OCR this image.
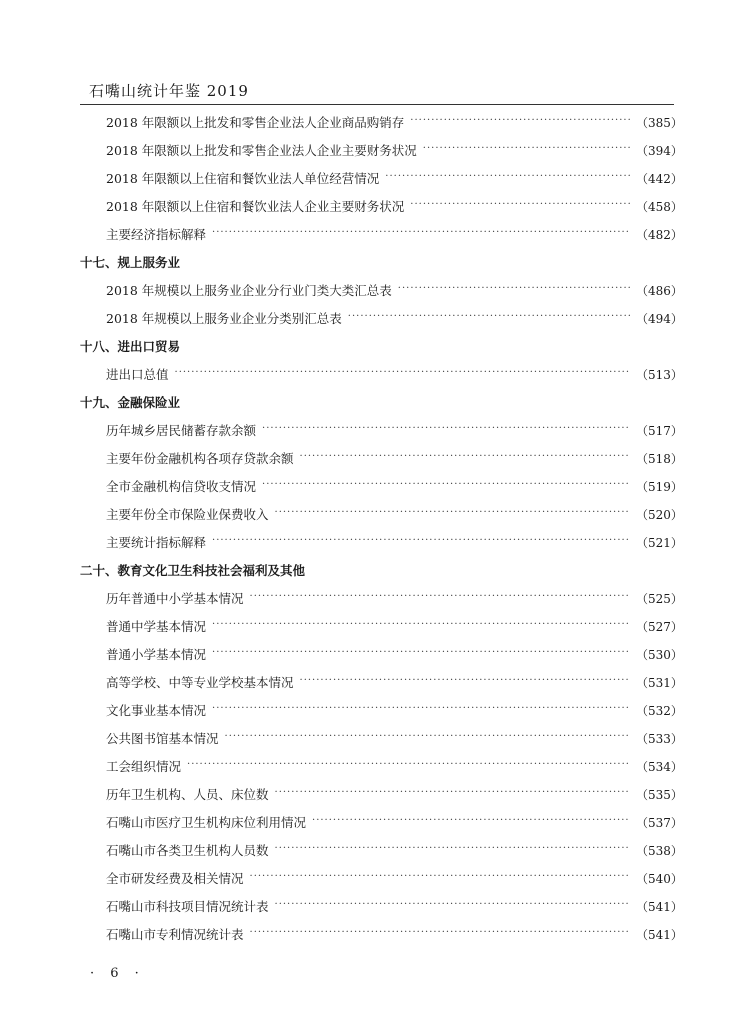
石嘴山统计年鉴 2019
2018 年限额以上批发和零售企业法人企业商品购销存 ·····	（385）
2018 年限额以上批发和零售企业法人企业主要财务状况 ·····	（394）
2018 年限额以上住宿和餐饮业法人单位经营情况 ·····	（442）
2018 年限额以上住宿和餐饮业法人企业主要财务状况 ·····	（458）
主要经济指标解释 ·····	（482）
十七、规上服务业
2018 年规模以上服务业企业分行业门类大类汇总表 ·····	（486）
2018 年规模以上服务业企业分类别汇总表 ·····	（494）
十八、进出口贸易
进出口总值 ·····	（513）
十九、金融保险业
历年城乡居民储蓄存款余额 ·····	（517）
主要年份金融机构各项存贷款余额 ·····	（518）
全市金融机构信贷收支情况 ·····	（519）
主要年份全市保险业保费收入 ·····	（520）
主要统计指标解释 ·····	（521）
二十、教育文化卫生科技社会福利及其他
历年普通中小学基本情况 ·····	（525）
普通中学基本情况 ·····	（527）
普通小学基本情况 ·····	（530）
高等学校、中等专业学校基本情况 ·····	（531）
文化事业基本情况 ·····	（532）
公共图书馆基本情况 ·····	（533）
工会组织情况 ·····	（534）
历年卫生机构、人员、床位数 ·····	（535）
石嘴山市医疗卫生机构床位利用情况 ·····	（537）
石嘴山市各类卫生机构人员数 ·····	（538）
全市研发经费及相关情况 ·····	（540）
石嘴山市科技项目情况统计表 ·····	（541）
石嘴山市专利情况统计表 ·····	（541）
· 6 ·
